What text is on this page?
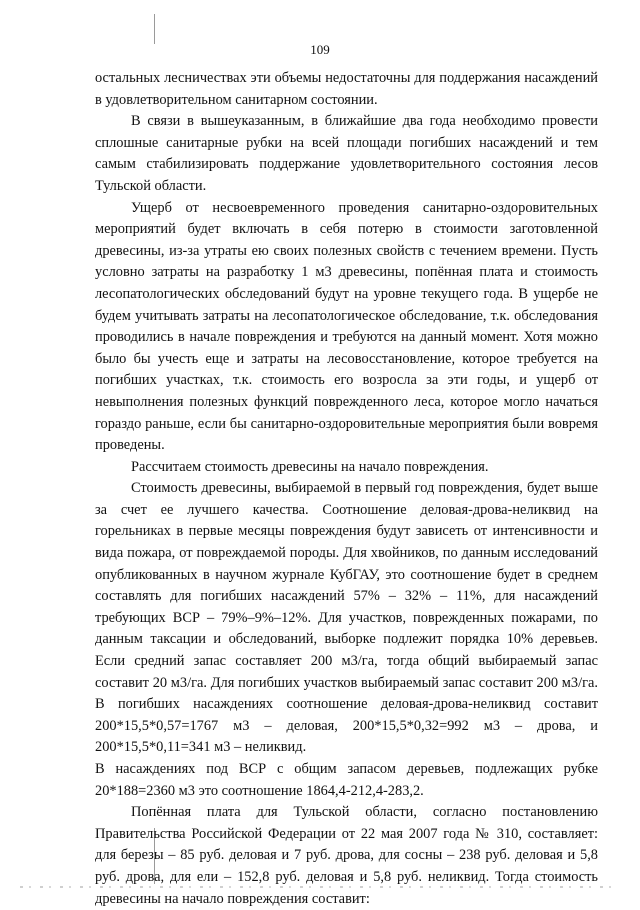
109

остальных лесничествах эти объемы недостаточны для поддержания насаждений в удовлетворительном санитарном состоянии.

В связи в вышеуказанным, в ближайшие два года необходимо провести сплошные санитарные рубки на всей площади погибших насаждений и тем самым стабилизировать поддержание удовлетворительного состояния лесов Тульской области.

Ущерб от несвоевременного проведения санитарно-оздоровительных мероприятий будет включать в себя потерю в стоимости заготовленной древесины, из-за утраты ею своих полезных свойств с течением времени. Пусть условно затраты на разработку 1 м3 древесины, попённая плата и стоимость лесопатологических обследований будут на уровне текущего года. В ущербе не будем учитывать затраты на лесопатологическое обследование, т.к. обследования проводились в начале повреждения и требуются на данный момент. Хотя можно было бы учесть еще и затраты на лесовосстановление, которое требуется на погибших участках, т.к. стоимость его возросла за эти годы, и ущерб от невыполнения полезных функций поврежденного леса, которое могло начаться гораздо раньше, если бы санитарно-оздоровительные мероприятия были вовремя проведены.

Рассчитаем стоимость древесины на начало повреждения.

Стоимость древесины, выбираемой в первый год повреждения, будет выше за счет ее лучшего качества. Соотношение деловая-дрова-неликвид на горельниках в первые месяцы повреждения будут зависеть от интенсивности и вида пожара, от повреждаемой породы. Для хвойников, по данным исследований опубликованных в научном журнале КубГАУ, это соотношение будет в среднем составлять для погибших насаждений 57% – 32% – 11%, для насаждений требующих ВСР – 79%–9%–12%. Для участков, поврежденных пожарами, по данным таксации и обследований, выборке подлежит порядка 10% деревьев. Если средний запас составляет 200 м3/га, тогда общий выбираемый запас составит 20 м3/га. Для погибших участков выбираемый запас составит 200 м3/га. В погибших насаждениях соотношение деловая-дрова-неликвид составит 200*15,5*0,57=1767 м3 – деловая, 200*15,5*0,32=992 м3 – дрова, и 200*15,5*0,11=341 м3 – неликвид.

В насаждениях под ВСР с общим запасом деревьев, подлежащих рубке 20*188=2360 м3 это соотношение 1864,4-212,4-283,2.

Попённая плата для Тульской области, согласно постановлению Правительства Российской Федерации от 22 мая 2007 года № 310, составляет: для березы – 85 руб. деловая и 7 руб. дрова, для сосны – 238 руб. деловая и 5,8 руб. дрова, для ели – 152,8 руб. деловая и 5,8 руб. неликвид. Тогда стоимость древесины на начало повреждения составит:
